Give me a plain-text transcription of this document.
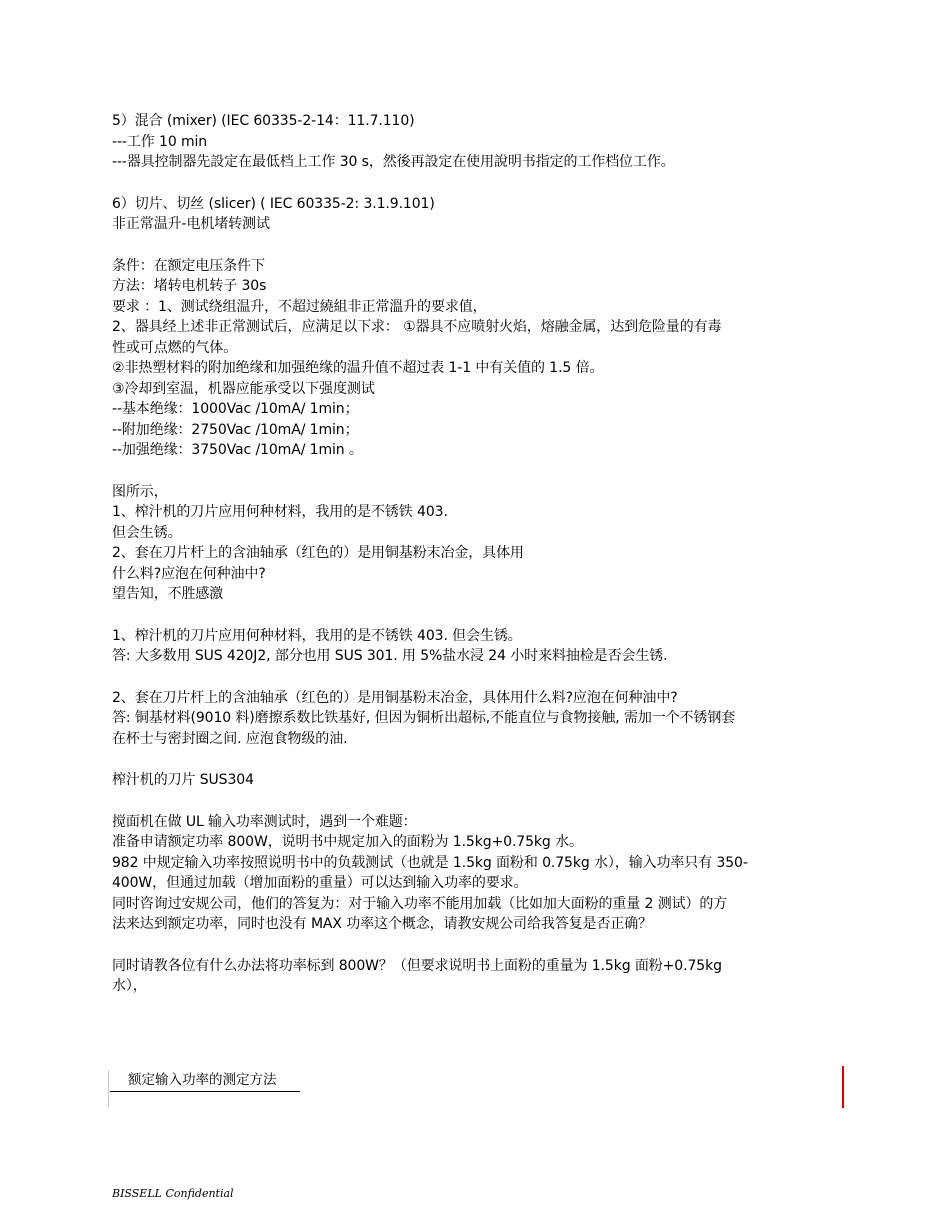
5）混合 (mixer) (IEC 60335-2-14：11.7.110)
---工作 10 min
---器具控制器先設定在最低档上工作 30 s，然後再設定在使用說明书指定的工作档位工作。
6）切片、切丝 (slicer) ( IEC 60335-2: 3.1.9.101)
非正常温升-电机堵转测试
条件：在额定电压条件下
方法：堵转电机转子 30s
要求 ：1、测试绕组温升，不超过繞組非正常溫升的要求值，
2、器具经上述非正常测试后，应满足以下求： ①器具不应喷射火焰，熔融金属，达到危险量的有毒
性或可点燃的气体。
②非热塑材料的附加绝缘和加强绝缘的温升值不超过表 1-1 中有关值的 1.5 倍。
③冷却到室温，机器应能承受以下强度测试
--基本绝缘：1000Vac /10mA/ 1min；
--附加绝缘：2750Vac /10mA/ 1min；
--加强绝缘：3750Vac /10mA/ 1min 。
图所示，
1、榨汁机的刀片应用何种材料，我用的是不锈铁 403.
但会生锈。
2、套在刀片杆上的含油轴承（红色的）是用铜基粉末冶金，具体用
什么料?应泡在何种油中?
望告知，不胜感激
1、榨汁机的刀片应用何种材料，我用的是不锈铁 403. 但会生锈。
答: 大多数用 SUS 420J2, 部分也用 SUS 301. 用 5%盐水浸 24 小时来料抽检是否会生锈.
2、套在刀片杆上的含油轴承（红色的）是用铜基粉末冶金，具体用什么料?应泡在何种油中?
答: 铜基材料(9010 料)磨擦系数比铁基好, 但因为铜析出超标,不能直位与食物接触, 需加一个不锈钢套
在杯士与密封圈之间. 应泡食物级的油.
榨汁机的刀片 SUS304
搅面机在做 UL 输入功率测试时，遇到一个难题：
准备申请额定功率 800W，说明书中规定加入的面粉为 1.5kg+0.75kg 水。
982 中规定输入功率按照说明书中的负载测试（也就是 1.5kg 面粉和 0.75kg 水），输入功率只有 350-
400W，但通过加载（增加面粉的重量）可以达到输入功率的要求。
同时咨询过安规公司，他们的答复为：对于输入功率不能用加载（比如加大面粉的重量 2 测试）的方
法来达到额定功率，同时也没有 MAX 功率这个概念，请教安规公司给我答复是否正确？
同时请教各位有什么办法将功率标到 800W？（但要求说明书上面粉的重量为 1.5kg 面粉+0.75kg
水），
额定输入功率的测定方法
BISSELL Confidential
